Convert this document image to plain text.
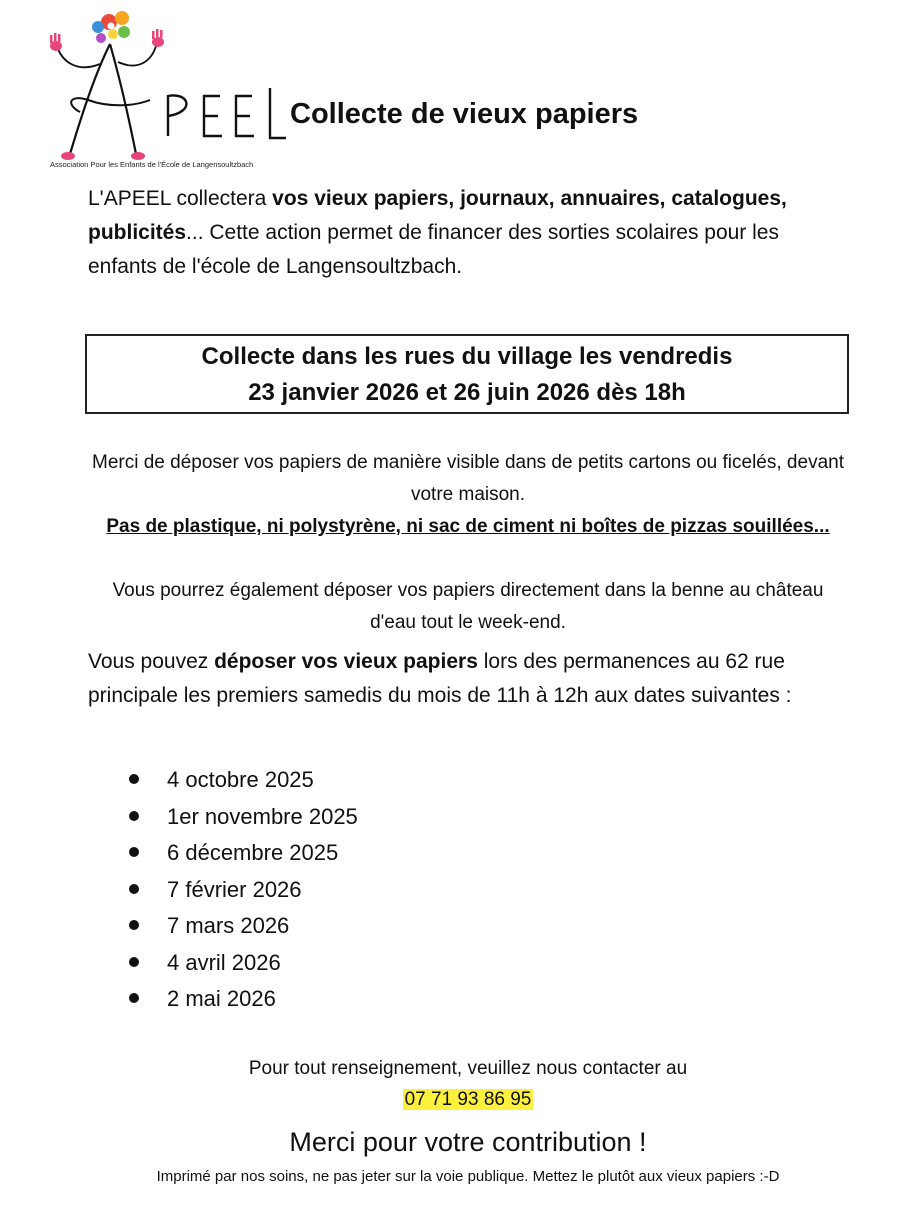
Association Pour les Enfants de l'École de Langensoultzbach
Collecte de vieux papiers
L'APEEL collectera vos vieux papiers, journaux, annuaires, catalogues, publicités... Cette action permet de financer des sorties scolaires pour les enfants de l'école de Langensoultzbach.
Collecte dans les rues du village les vendredis
23 janvier 2026 et 26 juin 2026 dès 18h
Merci de déposer vos papiers de manière visible dans de petits cartons ou ficelés, devant votre maison.
Pas de plastique, ni polystyrène, ni sac de ciment ni boîtes de pizzas souillées...
Vous pourrez également déposer vos papiers directement dans la benne au château d'eau tout le week-end.
Vous pouvez déposer vos vieux papiers lors des permanences au 62 rue principale les premiers samedis du mois de 11h à 12h aux dates suivantes :
4 octobre 2025
1er novembre 2025
6 décembre 2025
7 février 2026
7 mars 2026
4 avril 2026
2 mai 2026
Pour tout renseignement, veuillez nous contacter au
07 71 93 86 95
Merci pour votre contribution !
Imprimé par nos soins, ne pas jeter sur la voie publique. Mettez le plutôt aux vieux papiers :-D
